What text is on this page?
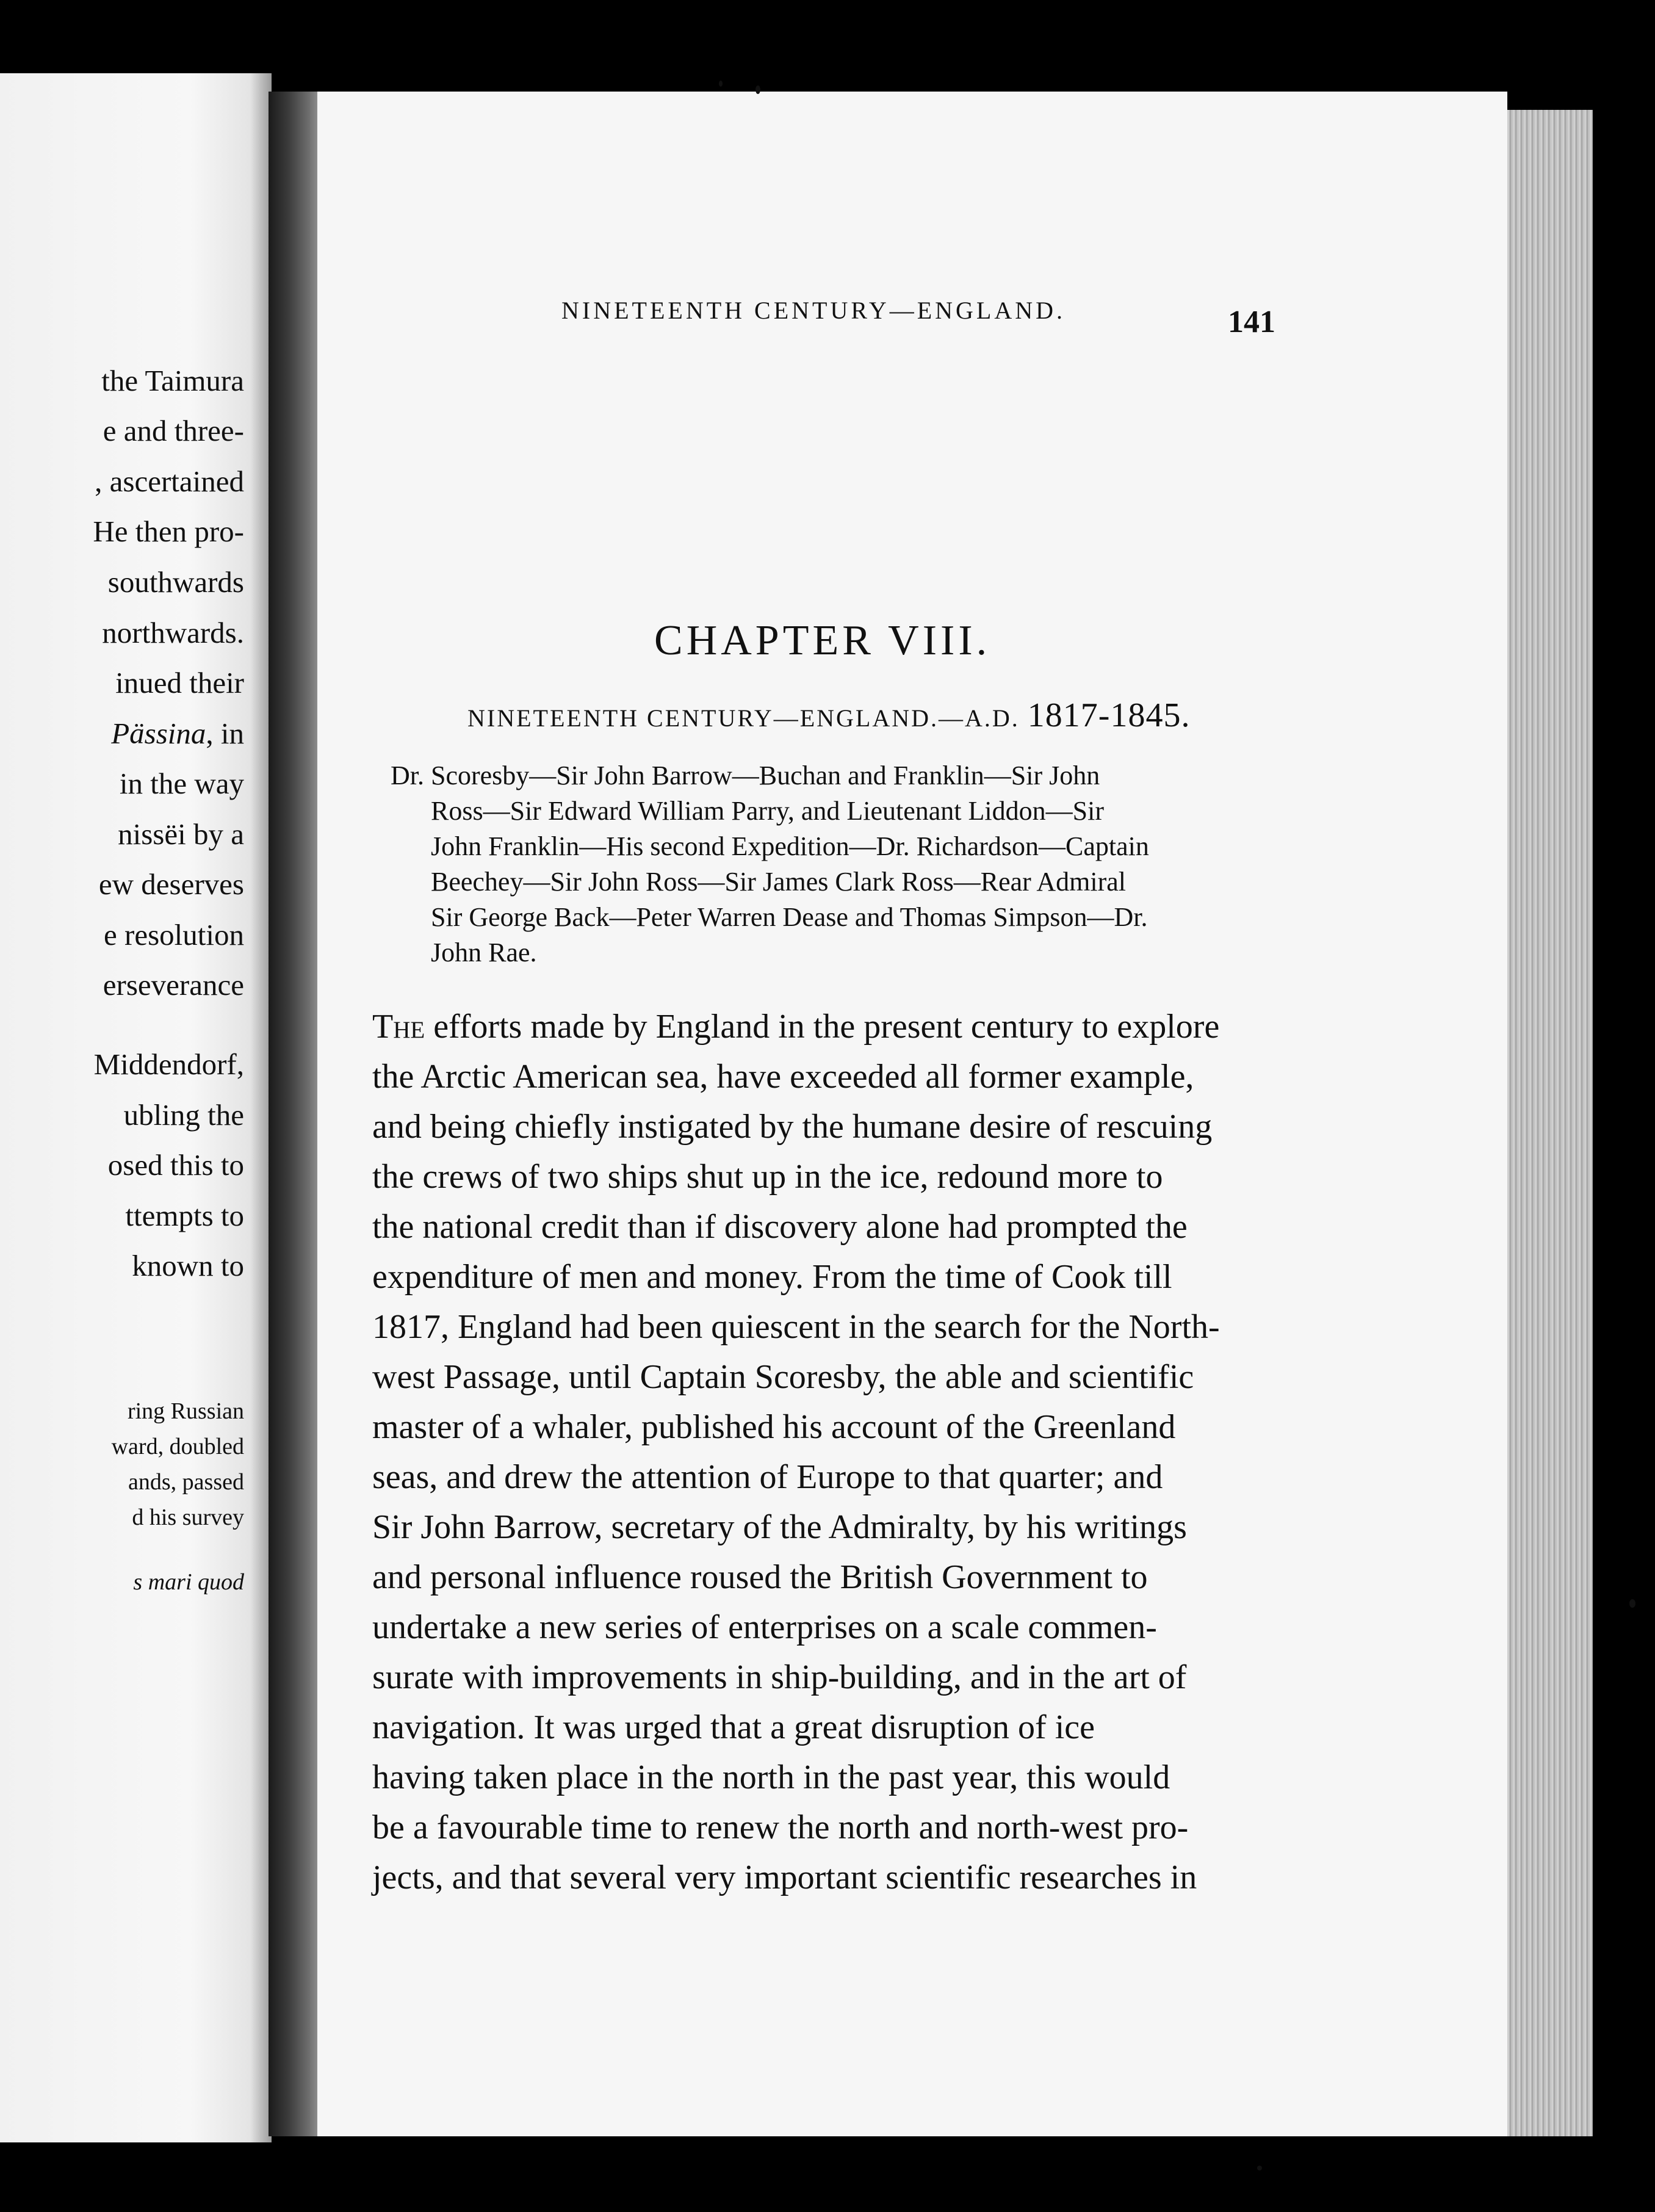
the Taimura
e and three-
, ascertained
He then pro-
southwards
northwards.
inued their
Pässina, in
in the way
nissëi by a
ew deserves
e resolution
erseverance
Middendorf,
ubling the
osed this to
ttempts to
known to
ring Russian
ward, doubled
ands, passed
d his survey
s mari quod
NINETEENTH CENTURY—ENGLAND.	141
CHAPTER VIII.
NINETEENTH CENTURY—ENGLAND.—A.D. 1817-1845.
Dr. Scoresby—Sir John Barrow—Buchan and Franklin—Sir John
Ross—Sir Edward William Parry, and Lieutenant Liddon—Sir
John Franklin—His second Expedition—Dr. Richardson—Captain
Beechey—Sir John Ross—Sir James Clark Ross—Rear Admiral
Sir George Back—Peter Warren Dease and Thomas Simpson—Dr.
John Rae.
The efforts made by England in the present century to explore
the Arctic American sea, have exceeded all former example,
and being chiefly instigated by the humane desire of rescuing
the crews of two ships shut up in the ice, redound more to
the national credit than if discovery alone had prompted the
expenditure of men and money. From the time of Cook till
1817, England had been quiescent in the search for the North-
west Passage, until Captain Scoresby, the able and scientific
master of a whaler, published his account of the Greenland
seas, and drew the attention of Europe to that quarter; and
Sir John Barrow, secretary of the Admiralty, by his writings
and personal influence roused the British Government to
undertake a new series of enterprises on a scale commen-
surate with improvements in ship-building, and in the art of
navigation. It was urged that a great disruption of ice
having taken place in the north in the past year, this would
be a favourable time to renew the north and north-west pro-
jects, and that several very important scientific researches in
